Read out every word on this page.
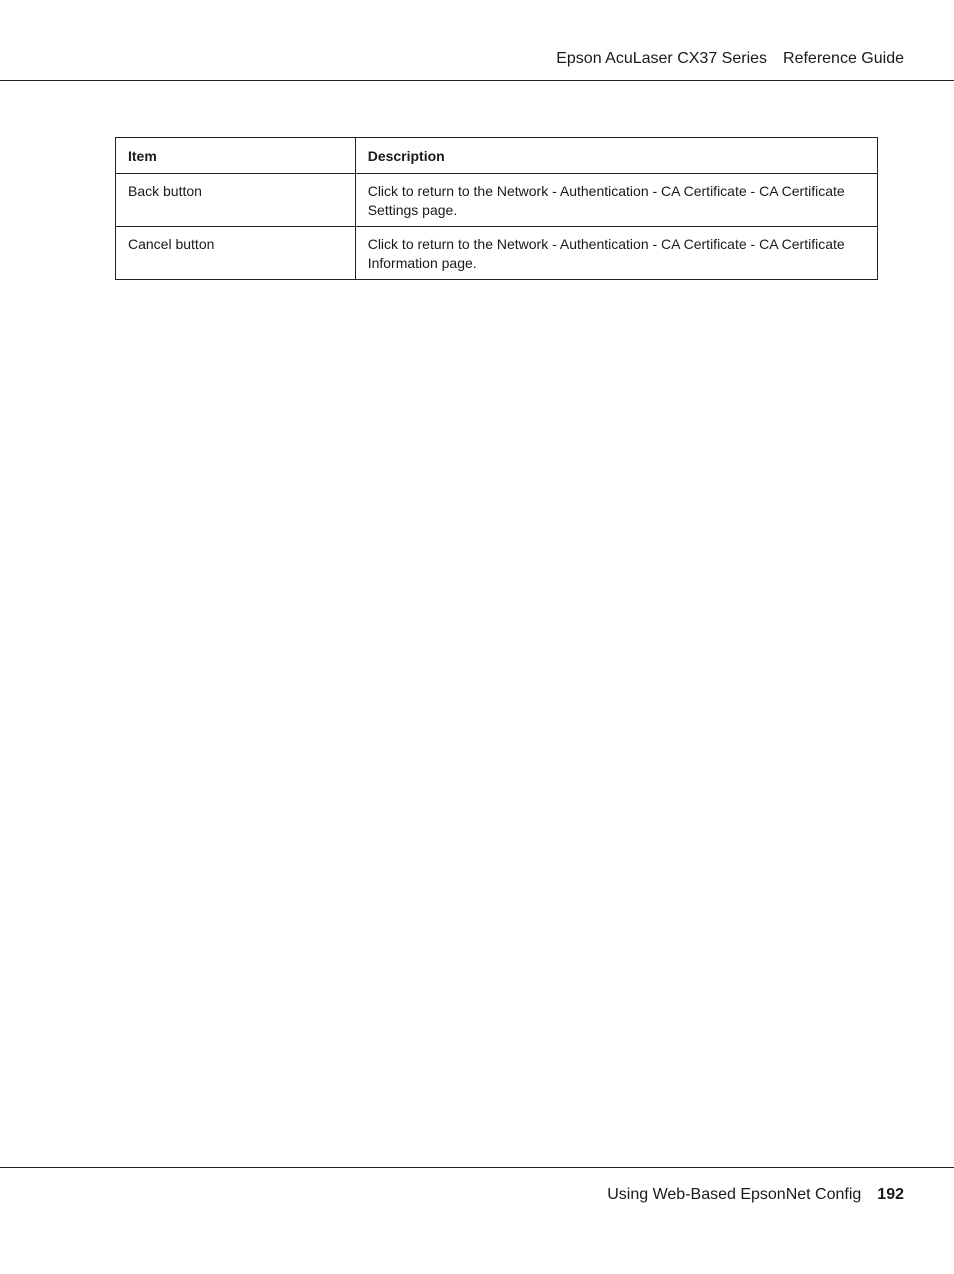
Epson AcuLaser CX37 Series Reference Guide
Item	Description
Back button	Click to return to the Network - Authentication - CA Certificate - CA Certificate Settings page.
Cancel button	Click to return to the Network - Authentication - CA Certificate - CA Certificate Information page.
Using Web-Based EpsonNet Config 192
